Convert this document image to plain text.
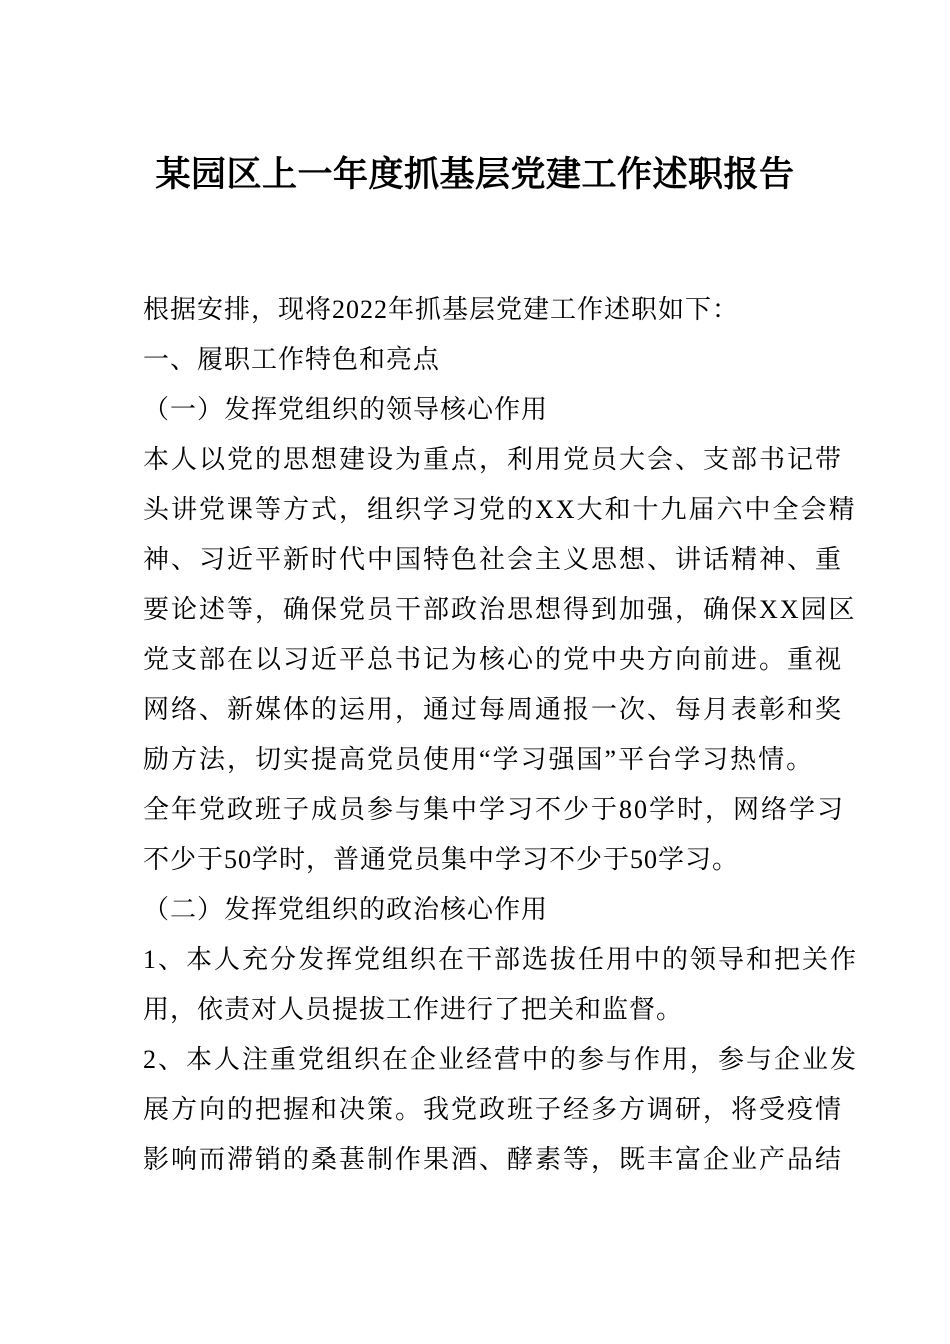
某园区上一年度抓基层党建工作述职报告
根据安排，现将2022年抓基层党建工作述职如下：
一、履职工作特色和亮点
（一）发挥党组织的领导核心作用
本人以党的思想建设为重点，利用党员大会、支部书记带
头讲党课等方式，组织学习党的XX大和十九届六中全会精
神、习近平新时代中国特色社会主义思想、讲话精神、重
要论述等，确保党员干部政治思想得到加强，确保XX园区
党支部在以习近平总书记为核心的党中央方向前进。重视
网络、新媒体的运用，通过每周通报一次、每月表彰和奖
励方法，切实提高党员使用“学习强国”平台学习热情。
全年党政班子成员参与集中学习不少于80学时，网络学习
不少于50学时，普通党员集中学习不少于50学习。
（二）发挥党组织的政治核心作用
1、本人充分发挥党组织在干部选拔任用中的领导和把关作
用，依责对人员提拔工作进行了把关和监督。
2、本人注重党组织在企业经营中的参与作用，参与企业发
展方向的把握和决策。我党政班子经多方调研，将受疫情
影响而滞销的桑葚制作果酒、酵素等，既丰富企业产品结
